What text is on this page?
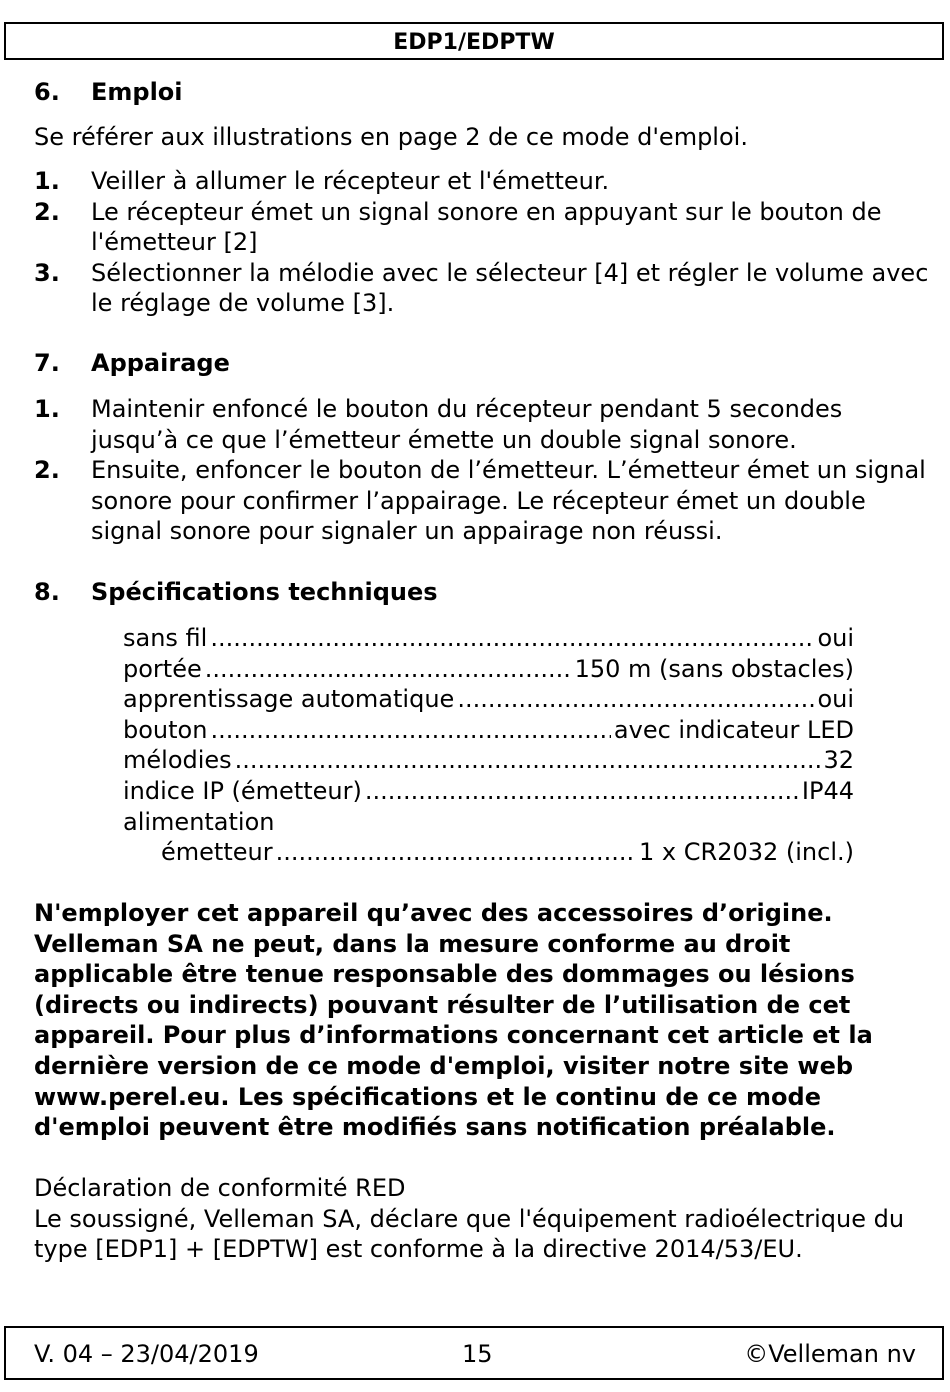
EDP1/EDPTW
6. Emploi
Se référer aux illustrations en page 2 de ce mode d'emploi.
1.	Veiller à allumer le récepteur et l'émetteur.
2.	Le récepteur émet un signal sonore en appuyant sur le bouton de l'émetteur [2]
3.	Sélectionner la mélodie avec le sélecteur [4] et régler le volume avec le réglage de volume [3].
7. Appairage
1.	Maintenir enfoncé le bouton du récepteur pendant 5 secondes jusqu’à ce que l’émetteur émette un double signal sonore.
2.	Ensuite, enfoncer le bouton de l’émetteur. L’émetteur émet un signal sonore pour confirmer l’appairage. Le récepteur émet un double signal sonore pour signaler un appairage non réussi.
8. Spécifications techniques
sans fil .....	oui
portée .....	150 m (sans obstacles)
apprentissage automatique .....	oui
bouton .....	avec indicateur LED
mélodies .....	32
indice IP (émetteur) .....	IP44
alimentation
émetteur .....	1 x CR2032 (incl.)
N'employer cet appareil qu’avec des accessoires d’origine. Velleman SA ne peut, dans la mesure conforme au droit applicable être tenue responsable des dommages ou lésions (directs ou indirects) pouvant résulter de l’utilisation de cet appareil. Pour plus d’informations concernant cet article et la dernière version de ce mode d'emploi, visiter notre site web www.perel.eu. Les spécifications et le continu de ce mode d'emploi peuvent être modifiés sans notification préalable.
Déclaration de conformité RED
Le soussigné, Velleman SA, déclare que l'équipement radioélectrique du type [EDP1] + [EDPTW] est conforme à la directive 2014/53/EU.
V. 04 – 23/04/2019	15	©Velleman nv
